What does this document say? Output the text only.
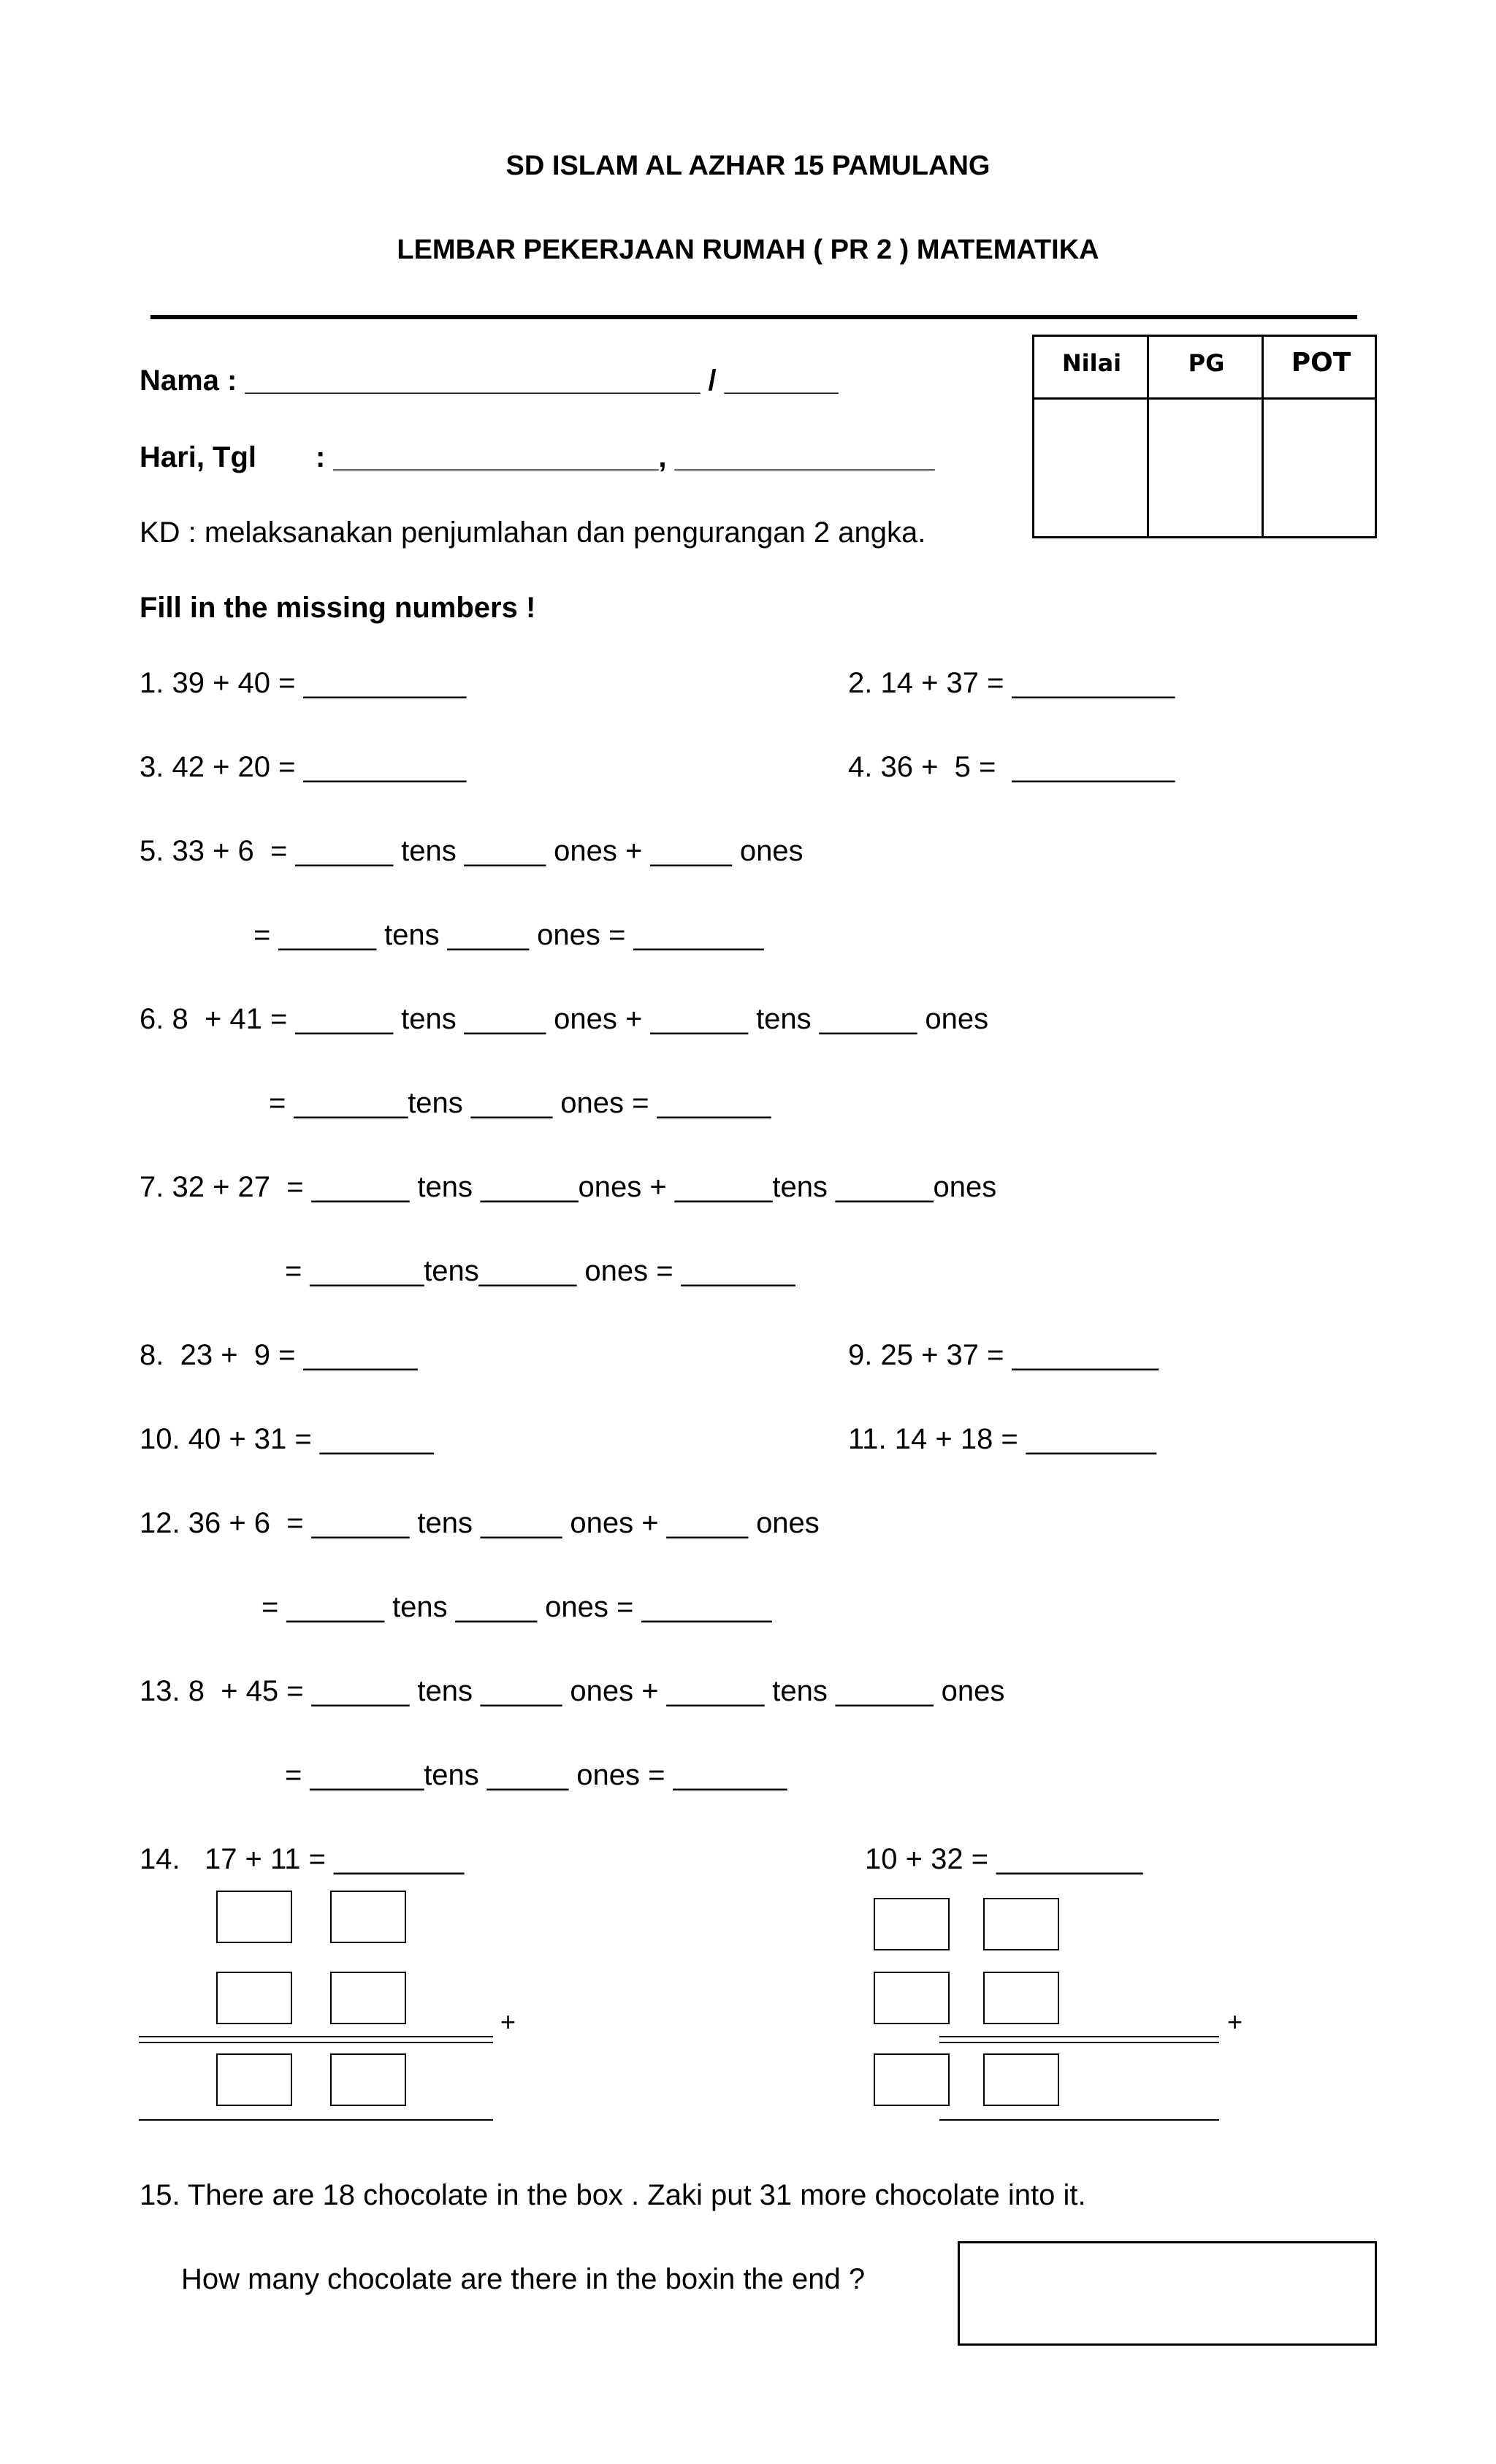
SD ISLAM AL AZHAR 15 PAMULANG
LEMBAR PEKERJAAN RUMAH ( PR 2 ) MATEMATIKA
Nama : ____________________________ / _______
Hari, Tgl : ____________________, ________________
KD : melaksanakan penjumlahan dan pengurangan 2 angka.
Nilai	PG	POT
Fill in the missing numbers !
1. 39 + 40 = __________	2. 14 + 37 = __________
3. 42 + 20 = __________	4. 36 +  5 =  __________
5. 33 + 6  = ______ tens _____ ones + _____ ones
= ______ tens _____ ones = ________
6. 8  + 41 = ______ tens _____ ones + ______ tens ______ ones
= _______tens _____ ones = _______
7. 32 + 27  = ______ tens ______ones + ______tens ______ones
= _______tens______ ones = _______
8.  23 +  9 = _______	9. 25 + 37 = _________
10. 40 + 31 = _______	11. 14 + 18 = ________
12. 36 + 6  = ______ tens _____ ones + _____ ones
= ______ tens _____ ones = ________
13. 8  + 45 = ______ tens _____ ones + ______ tens ______ ones
= _______tens _____ ones = _______
14.   17 + 11 = ________	10 + 32 = _________
+	+
15. There are 18 chocolate in the box . Zaki put 31 more chocolate into it.
How many chocolate are there in the boxin the end ?
